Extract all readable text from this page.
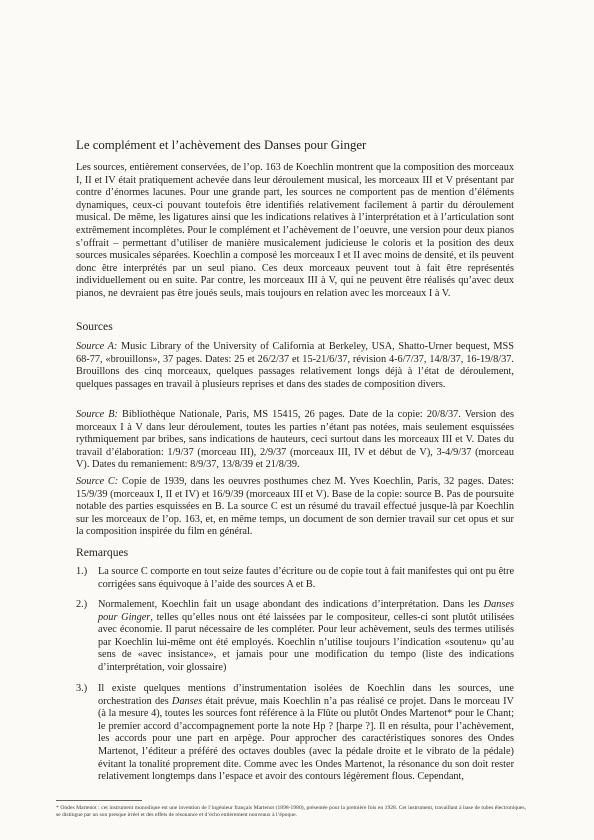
Le complément et l’achèvement des Danses pour Ginger

Les sources, entièrement conservées, de l’op. 163 de Koechlin montrent que la composition des morceaux I, II et IV était pratiquement achevée dans leur déroulement musical, les morceaux III et V présentant par contre d’énormes lacunes. Pour une grande part, les sources ne comportent pas de mention d’éléments dynamiques, ceux-ci pouvant toutefois être identifiés relativement facilement à partir du déroulement musical. De même, les ligatures ainsi que les indications relatives à l’interprétation et à l’articulation sont extrêmement incomplètes. Pour le complément et l’achèvement de l’oeuvre, une version pour deux pianos s’offrait – permettant d’utiliser de manière musicalement judicieuse le coloris et la position des deux sources musicales séparées. Koechlin a composé les morceaux I et II avec moins de densité, et ils peuvent donc être interprétés par un seul piano. Ces deux morceaux peuvent tout à fait être représentés individuellement ou en suite. Par contre, les morceaux III à V, qui ne peuvent être réalisés qu’avec deux pianos, ne devraient pas être joués seuls, mais toujours en relation avec les morceaux I à V.

Sources

Source A: Music Library of the University of California at Berkeley, USA, Shatto-Urner bequest, MSS 68-77, «brouillons», 37 pages. Dates: 25 et 26/2/37 et 15-21/6/37, révision 4-6/7/37, 14/8/37, 16-19/8/37. Brouillons des cinq morceaux, quelques passages relativement longs déjà à l’état de déroulement, quelques passages en travail à plusieurs reprises et dans des stades de composition divers.

Source B: Bibliothèque Nationale, Paris, MS 15415, 26 pages. Date de la copie: 20/8/37. Version des morceaux I à V dans leur déroulement, toutes les parties n’étant pas notées, mais seulement esquissées rythmiquement par bribes, sans indications de hauteurs, ceci surtout dans les morceaux III et V. Dates du travail d’élaboration: 1/9/37 (morceau III), 2/9/37 (morceaux III, IV et début de V), 3-4/9/37 (morceau V). Dates du remaniement: 8/9/37, 13/8/39 et 21/8/39.

Source C: Copie de 1939, dans les oeuvres posthumes chez M. Yves Koechlin, Paris, 32 pages. Dates: 15/9/39 (morceaux I, II et IV) et 16/9/39 (morceaux III et V). Base de la copie: source B. Pas de poursuite notable des parties esquissées en B. La source C est un résumé du travail effectué jusque-là par Koechlin sur les morceaux de l’op. 163, et, en même temps, un document de son dernier travail sur cet opus et sur la composition inspirée du film en général.

Remarques
1.) La source C comporte en tout seize fautes d’écriture ou de copie tout à fait manifestes qui ont pu être corrigées sans équivoque à l’aide des sources A et B.
2.) Normalement, Koechlin fait un usage abondant des indications d’interprétation. Dans les Danses pour Ginger, telles qu’elles nous ont été laissées par le compositeur, celles-ci sont plutôt utilisées avec économie. Il parut nécessaire de les compléter. Pour leur achèvement, seuls des termes utilisés par Koechlin lui-même ont été employés. Koechlin n’utilise toujours l’indication «soutenu» qu’au sens de «avec insistance», et jamais pour une modification du tempo (liste des indications d’interprétation, voir glossaire)
3.) Il existe quelques mentions d’instrumentation isolées de Koechlin dans les sources, une orchestration des Danses était prévue, mais Koechlin n’a pas réalisé ce projet. Dans le morceau IV (à la mesure 4), toutes les sources font référence à la Flûte ou plutôt Ondes Martenot* pour le Chant; le premier accord d’accompagnement porte la note Hp ? [harpe ?]. Il en résulta, pour l’achèvement, les accords pour une part en arpège. Pour approcher des caractéristiques sonores des Ondes Martenot, l’éditeur a préféré des octaves doubles (avec la pédale droite et le vibrato de la pédale) évitant la tonalité proprement dite. Comme avec les Ondes Martenot, la résonance du son doit rester relativement longtemps dans l’espace et avoir des contours légèrement flous. Cependant,
* Ondes Martenot : cet instrument monodique est une invention de l’ingénieur français Martenot (1898-1980), présentée pour la première fois en 1928. Cet instrument, travaillant à base de tubes électroniques, se distingue par un son presque irréel et des effets de résonance et d’écho entièrement nouveaux à l’époque.
